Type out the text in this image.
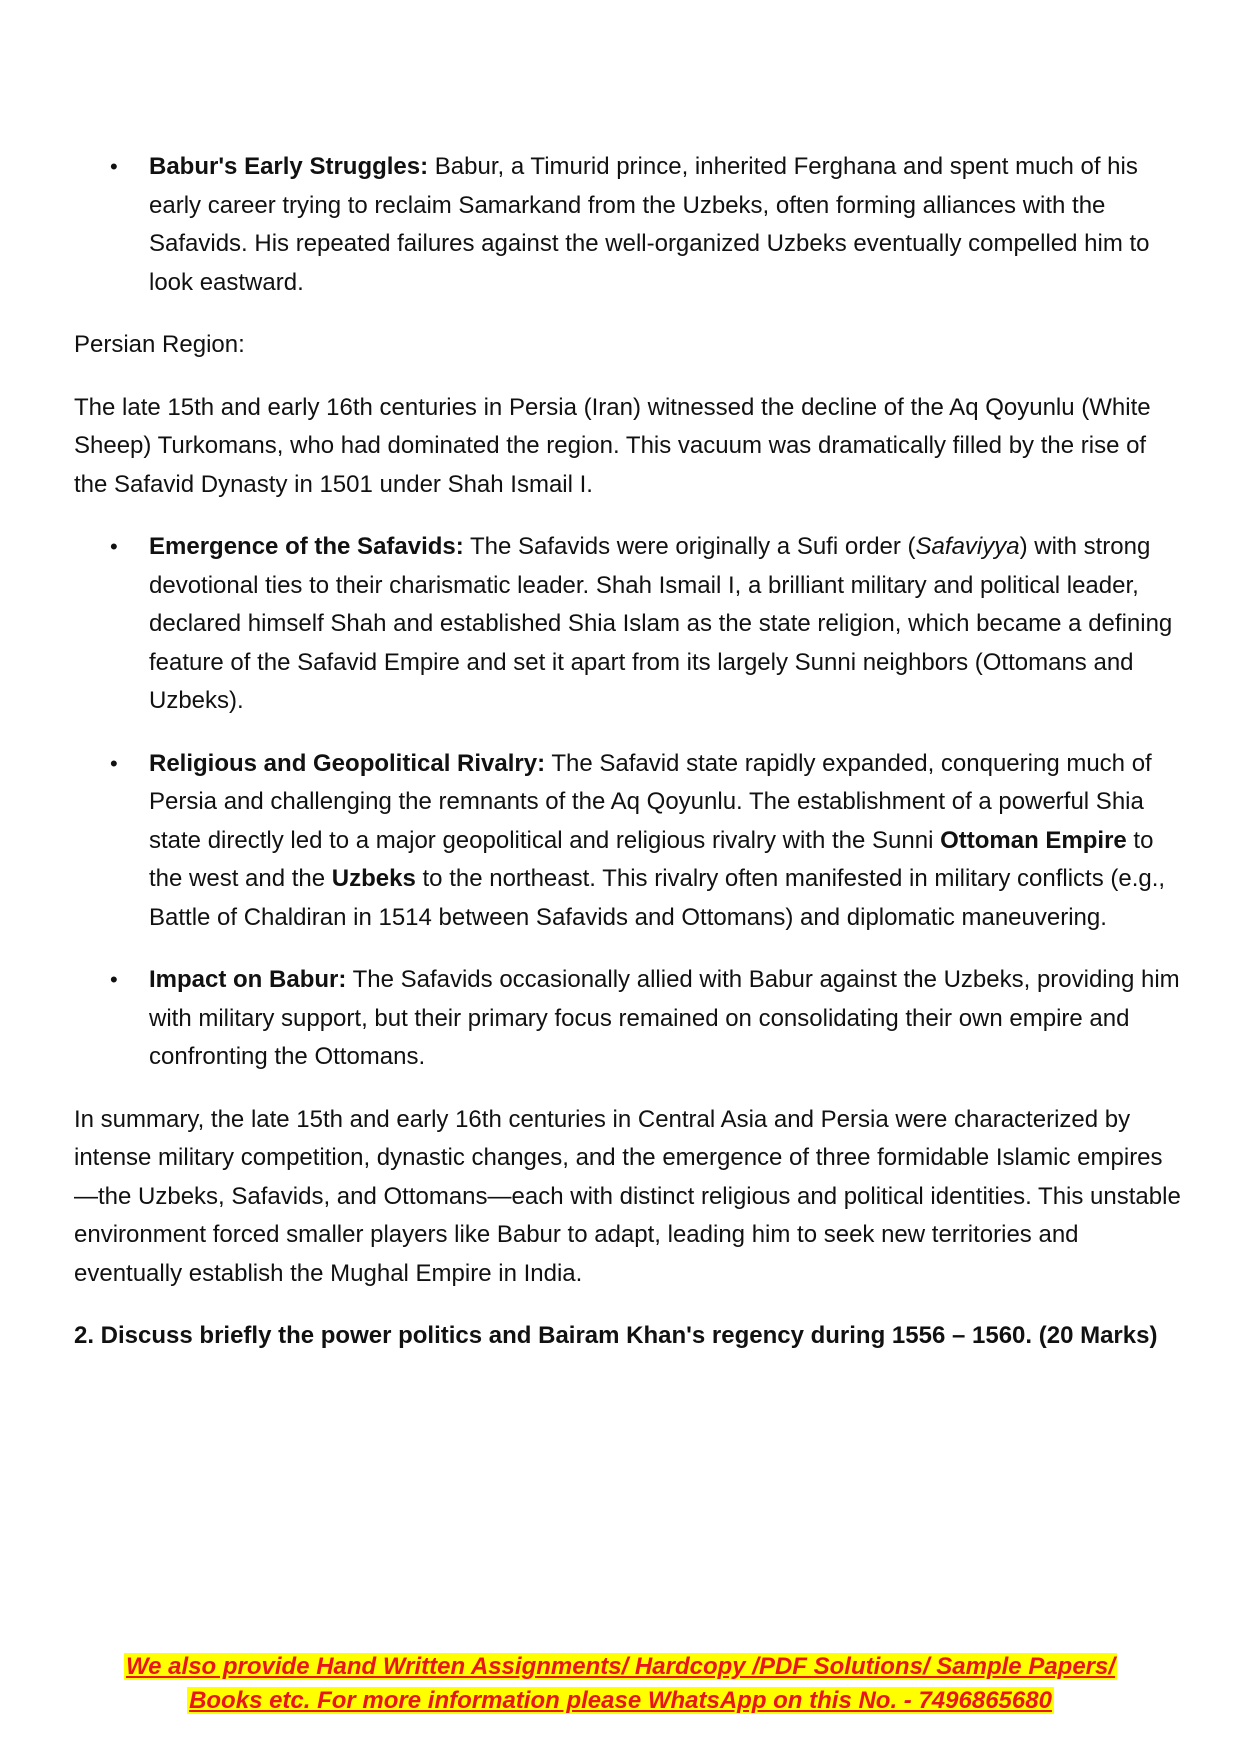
• Babur's Early Struggles: Babur, a Timurid prince, inherited Ferghana and spent much of his early career trying to reclaim Samarkand from the Uzbeks, often forming alliances with the Safavids. His repeated failures against the well-organized Uzbeks eventually compelled him to look eastward.

Persian Region:

The late 15th and early 16th centuries in Persia (Iran) witnessed the decline of the Aq Qoyunlu (White Sheep) Turkomans, who had dominated the region. This vacuum was dramatically filled by the rise of the Safavid Dynasty in 1501 under Shah Ismail I.

• Emergence of the Safavids: The Safavids were originally a Sufi order (Safaviyya) with strong devotional ties to their charismatic leader. Shah Ismail I, a brilliant military and political leader, declared himself Shah and established Shia Islam as the state religion, which became a defining feature of the Safavid Empire and set it apart from its largely Sunni neighbors (Ottomans and Uzbeks).
• Religious and Geopolitical Rivalry: The Safavid state rapidly expanded, conquering much of Persia and challenging the remnants of the Aq Qoyunlu. The establishment of a powerful Shia state directly led to a major geopolitical and religious rivalry with the Sunni Ottoman Empire to the west and the Uzbeks to the northeast. This rivalry often manifested in military conflicts (e.g., Battle of Chaldiran in 1514 between Safavids and Ottomans) and diplomatic maneuvering.
• Impact on Babur: The Safavids occasionally allied with Babur against the Uzbeks, providing him with military support, but their primary focus remained on consolidating their own empire and confronting the Ottomans.

In summary, the late 15th and early 16th centuries in Central Asia and Persia were characterized by intense military competition, dynastic changes, and the emergence of three formidable Islamic empires—the Uzbeks, Safavids, and Ottomans—each with distinct religious and political identities. This unstable environment forced smaller players like Babur to adapt, leading him to seek new territories and eventually establish the Mughal Empire in India.

2. Discuss briefly the power politics and Bairam Khan's regency during 1556 – 1560. (20 Marks)

We also provide Hand Written Assignments/ Hardcopy /PDF Solutions/ Sample Papers/
Books etc. For more information please WhatsApp on this No. - 7496865680
